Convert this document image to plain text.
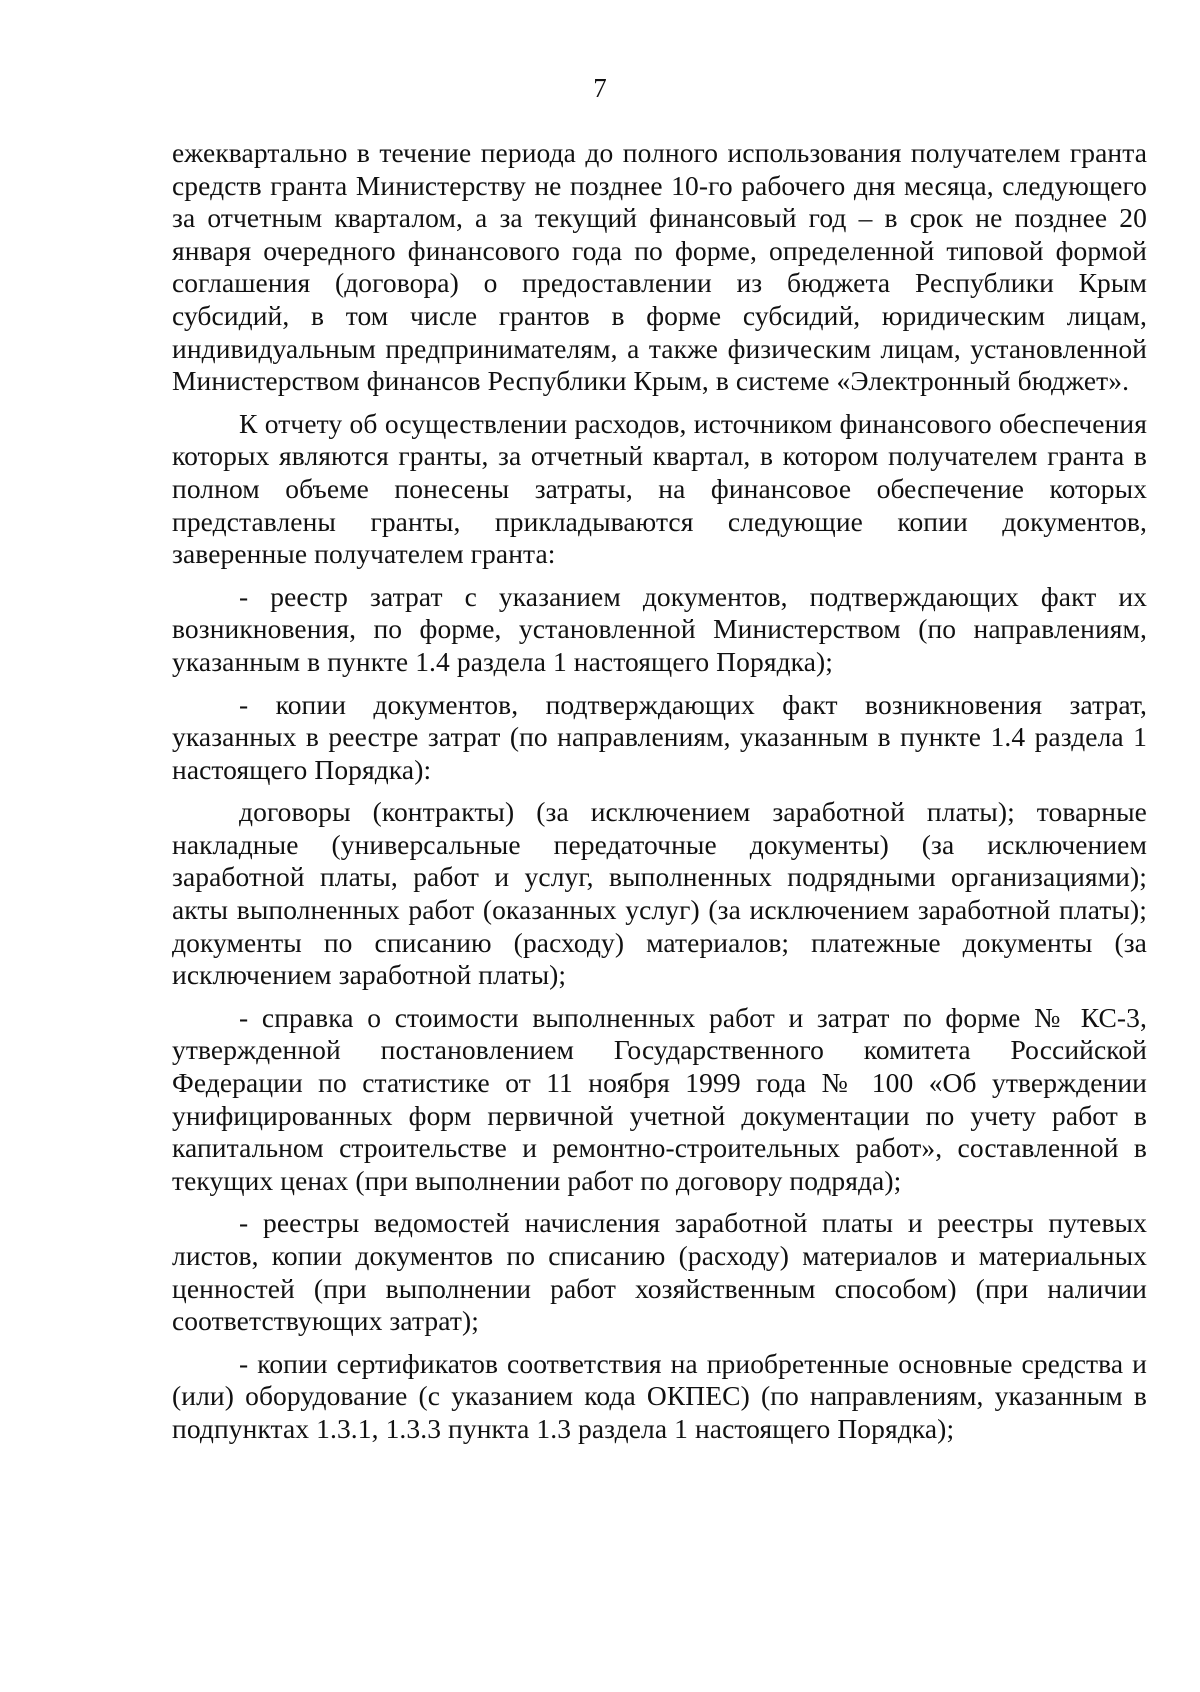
7

ежеквартально в течение периода до полного использования получателем гранта средств гранта Министерству не позднее 10-го рабочего дня месяца, следующего за отчетным кварталом, а за текущий финансовый год – в срок не позднее 20 января очередного финансового года по форме, определенной типовой формой соглашения (договора) о предоставлении из бюджета Республики Крым субсидий, в том числе грантов в форме субсидий, юридическим лицам, индивидуальным предпринимателям, а также физическим лицам, установленной Министерством финансов Республики Крым, в системе «Электронный бюджет».

К отчету об осуществлении расходов, источником финансового обеспечения которых являются гранты, за отчетный квартал, в котором получателем гранта в полном объеме понесены затраты, на финансовое обеспечение которых представлены гранты, прикладываются следующие копии документов, заверенные получателем гранта:

- реестр затрат с указанием документов, подтверждающих факт их возникновения, по форме, установленной Министерством (по направлениям, указанным в пункте 1.4 раздела 1 настоящего Порядка);

- копии документов, подтверждающих факт возникновения затрат, указанных в реестре затрат (по направлениям, указанным в пункте 1.4 раздела 1 настоящего Порядка):

договоры (контракты) (за исключением заработной платы); товарные накладные (универсальные передаточные документы) (за исключением заработной платы, работ и услуг, выполненных подрядными организациями); акты выполненных работ (оказанных услуг) (за исключением заработной платы); документы по списанию (расходу) материалов; платежные документы (за исключением заработной платы);

- справка о стоимости выполненных работ и затрат по форме № КС-3, утвержденной постановлением Государственного комитета Российской Федерации по статистике от 11 ноября 1999 года № 100 «Об утверждении унифицированных форм первичной учетной документации по учету работ в капитальном строительстве и ремонтно-строительных работ», составленной в текущих ценах (при выполнении работ по договору подряда);

- реестры ведомостей начисления заработной платы и реестры путевых листов, копии документов по списанию (расходу) материалов и материальных ценностей (при выполнении работ хозяйственным способом) (при наличии соответствующих затрат);

- копии сертификатов соответствия на приобретенные основные средства и (или) оборудование (с указанием кода ОКПЕС) (по направлениям, указанным в подпунктах 1.3.1, 1.3.3 пункта 1.3 раздела 1 настоящего Порядка);
